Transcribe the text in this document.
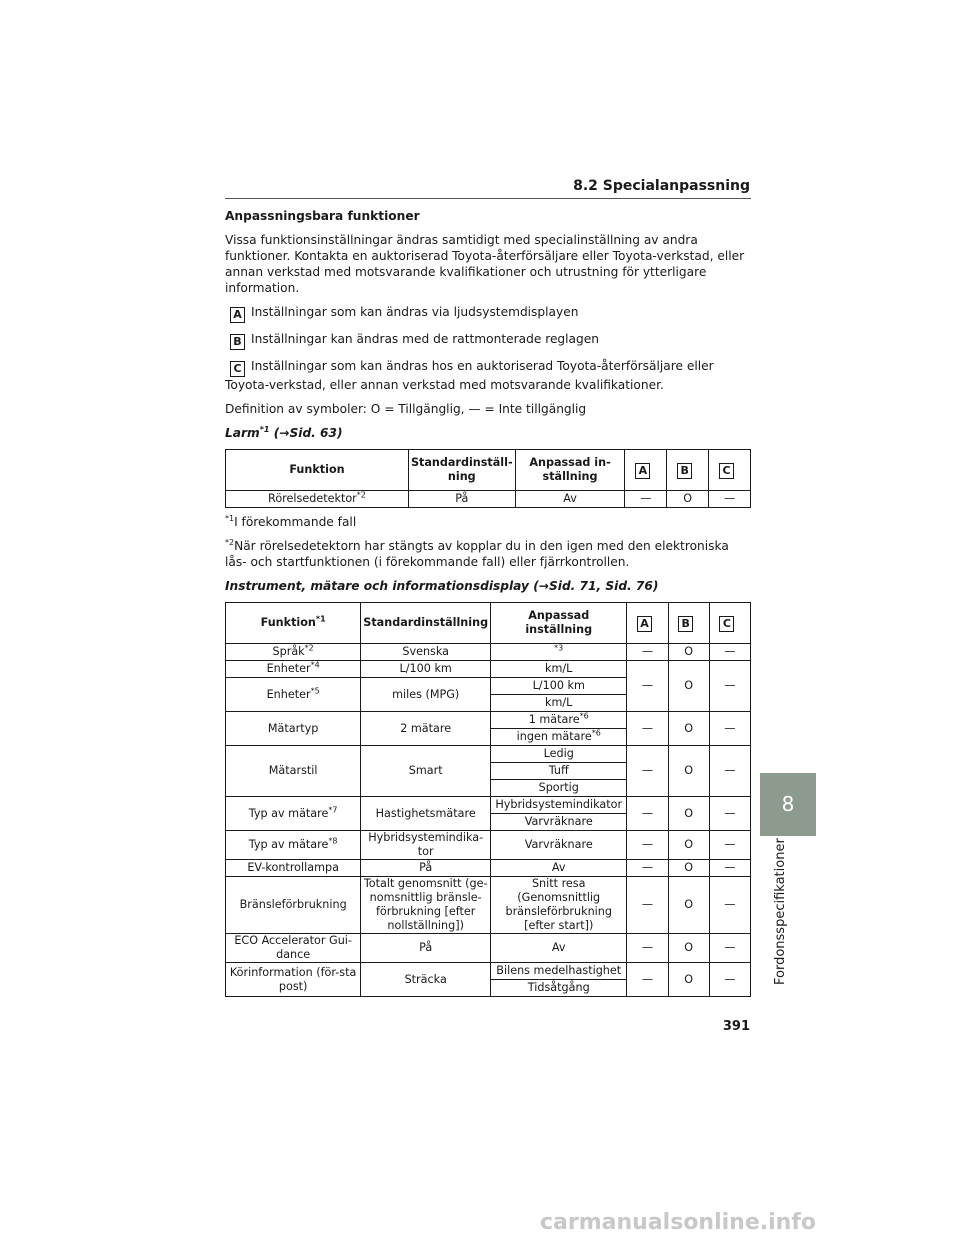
8.2 Specialanpassning
Anpassningsbara funktioner

Vissa funktionsinställningar ändras samtidigt med specialinställning av andra funktioner. Kontakta en auktoriserad Toyota-återförsäljare eller Toyota-verkstad, eller annan verkstad med motsvarande kvalifikationer och utrustning för ytterligare information.

A Inställningar som kan ändras via ljudsystemdisplayen
B Inställningar kan ändras med de rattmonterade reglagen
C Inställningar som kan ändras hos en auktoriserad Toyota-återförsäljare eller Toyota-verkstad, eller annan verkstad med motsvarande kvalifikationer.

Definition av symboler: O = Tillgänglig, — = Inte tillgänglig

Larm$^{*1}$ (→Sid. 63)
Funktion	Standardinställ-ning	Anpassad in-ställning	A	B	C
Rörelsedetektor$^{*2}$	På	Av	—	O	—

$^{*1}$I förekommande fall

$^{*2}$När rörelsedetektorn har stängts av kopplar du in den igen med den elektroniska lås- och startfunktionen (i förekommande fall) eller fjärrkontrollen.

Instrument, mätare och informationsdisplay (→Sid. 71, Sid. 76)
Funktion$^{*1}$	Standardinställning	Anpassad inställning	A	B	C
Språk$^{*2}$	Svenska	$^{*3}$	—	O	—
Enheter$^{*4}$	L/100 km	km/L	—	O	—
Enheter$^{*5}$	miles (MPG)	L/100 km			
		km/L			
Mätartyp	2 mätare	1 mätare$^{*6}$	—	O	—
		ingen mätare$^{*6}$
Mätarstil	Smart	Ledig	—	O	—
		Tuff			
		Sportig			
Typ av mätare$^{*7}$	Hastighetsmätare	Hybridsystemindikator	—	O	—
		Varvräknare			
Typ av mätare$^{*8}$	Hybridsystemindika-tor	Varvräknare	—	O	—
EV-kontrollampa	På	Av	—	O	—
Bränsleförbrukning	Totalt genomsnitt (ge-nomsnittlig bränsle-förbrukning [efter nollställning])	Snitt resa (Genomsnittlig bränsleförbrukning [efter start])	—	O	—
ECO Accelerator Gui-dance	På	Av	—	O	—
Körinformation (för-sta post)	Sträcka	Bilens medelhastighet	—	O	—
		Tidsåtgång			
391
8
Fordonsspecifikationer
carmanualsonline.info
